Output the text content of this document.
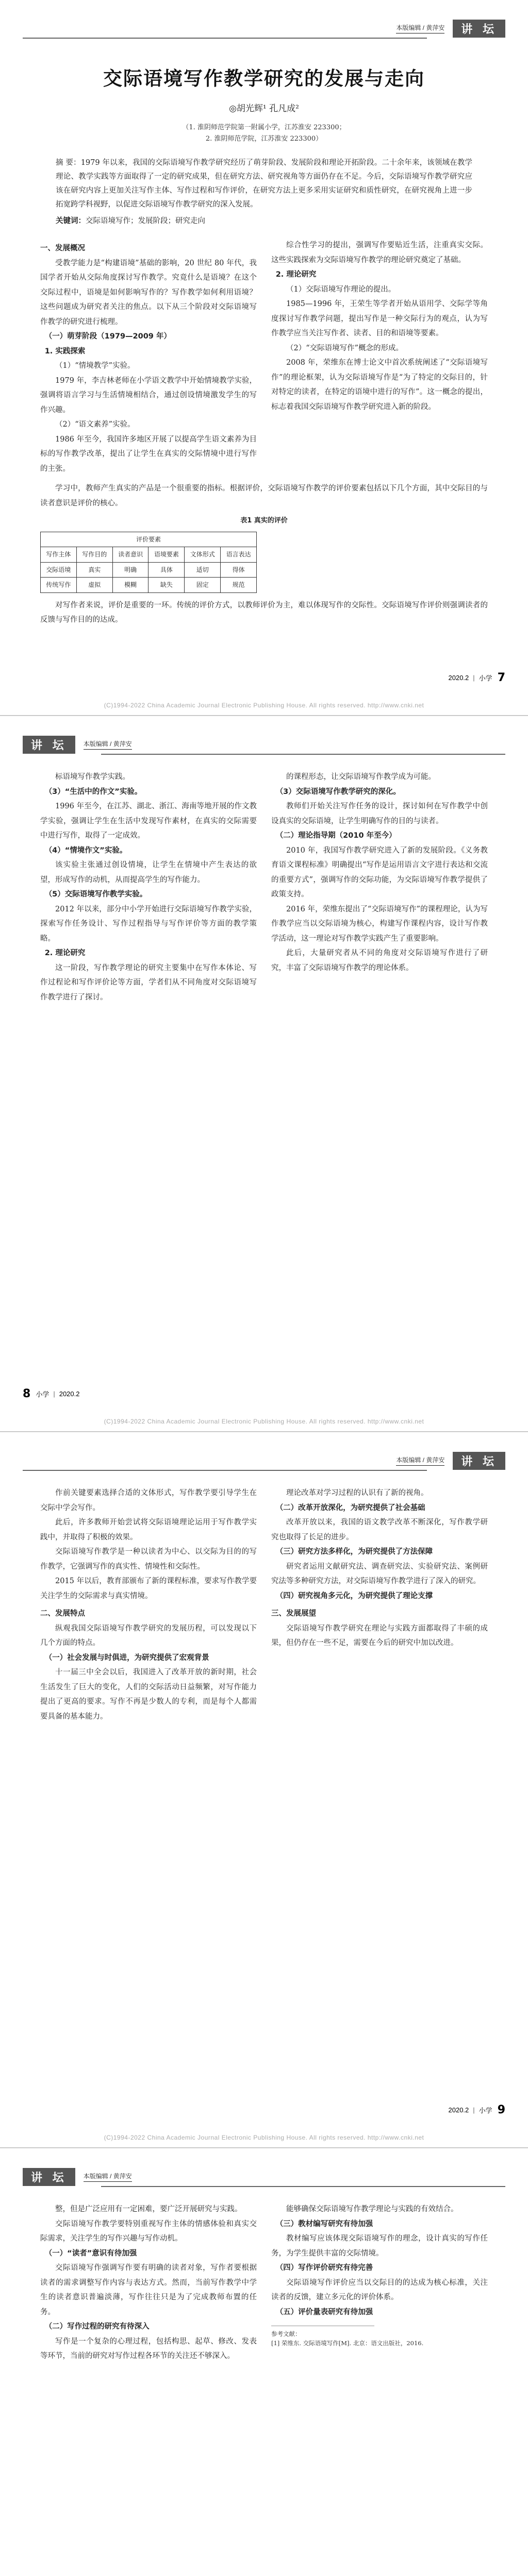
本版编辑 / 黄萍安	讲 坛
交际语境写作教学研究的发展与走向
◎胡光辉¹ 孔凡成²
（1. 淮阴师范学院第一附属小学，江苏淮安 223300；
2. 淮阴师范学院，江苏淮安 223300）
摘 要：1979 年以来，我国的交际语境写作教学研究经历了萌芽阶段、发展阶段和理论开拓阶段。二十余年来，该领域在教学理论、教学实践等方面取得了一定的研究成果，但在研究方法、研究视角等方面仍存在不足。今后，交际语境写作教学研究应该在研究内容上更加关注写作主体、写作过程和写作评价，在研究方法上更多采用实证研究和质性研究，在研究视角上进一步拓宽跨学科视野，以促进交际语境写作教学研究的深入发展。
关键词：交际语境写作；发展阶段；研究走向

一、发展概况

受教学能力是“构建语境”基础的影响，20 世纪 80 年代，我国学者开始从交际角度探讨写作教学。究竟什么是语境？在这个交际过程中，语境是如何影响写作的？写作教学如何利用语境？这些问题成为研究者关注的焦点。以下从三个阶段对交际语境写作教学的研究进行梳理。

（一）萌芽阶段（1979—2009 年）

1. 实践探索

（1）“情境教学”实验。

1979 年，李吉林老师在小学语文教学中开始情境教学实验，强调将语言学习与生活情境相结合，通过创设情境激发学生的写作兴趣。

（2）“语文素养”实验。

1986 年至今，我国许多地区开展了以提高学生语文素养为目标的写作教学改革，提出了让学生在真实的交际情境中进行写作的主张。

综合性学习的提出，强调写作要贴近生活，注重真实交际。这些实践探索为交际语境写作教学的理论研究奠定了基础。

2. 理论研究

（1）交际语境写作理论的提出。

1985—1996 年，王荣生等学者开始从语用学、交际学等角度探讨写作教学问题，提出写作是一种交际行为的观点，认为写作教学应当关注写作者、读者、目的和语境等要素。

（2）“交际语境写作”概念的形成。

2008 年，荣维东在博士论文中首次系统阐述了“交际语境写作”的理论框架，认为交际语境写作是“为了特定的交际目的，针对特定的读者，在特定的语境中进行的写作”。这一概念的提出，标志着我国交际语境写作教学研究进入新的阶段。

学习中，教师产生真实的产品是一个很重要的指标。根据评价，交际语境写作教学的评价要素包括以下几个方面，其中交际目的与读者意识是评价的核心。

表1 真实的评价
评价要素					
写作主体	写作目的	读者意识	语境要素	文体形式	语言表达
交际语境	真实	明确	具体	适切	得体
传统写作	虚拟	模糊	缺失	固定	规范

对写作者来说，评价是重要的一环。传统的评价方式，以教师评价为主，难以体现写作的交际性。交际语境写作评价则强调读者的反馈与写作目的的达成。

2020.2 | 小学 7
(C)1994-2022 China Academic Journal Electronic Publishing House. All rights reserved. http://www.cnki.net
讲 坛	本版编辑 / 黄萍安

标语境写作教学实践。

（3）“生活中的作文”实验。

1996 年至今，在江苏、湖北、浙江、海南等地开展的作文教学实验，强调让学生在生活中发现写作素材，在真实的交际需要中进行写作，取得了一定成效。

（4）“情境作文”实验。

该实验主张通过创设情境，让学生在情境中产生表达的欲望，形成写作的动机，从而提高学生的写作能力。

（5）交际语境写作教学实验。

2012 年以来，部分中小学开始进行交际语境写作教学实验，探索写作任务设计、写作过程指导与写作评价等方面的教学策略。

2. 理论研究

这一阶段，写作教学理论的研究主要集中在写作本体论、写作过程论和写作评价论等方面，学者们从不同角度对交际语境写作教学进行了探讨。

的课程形态，让交际语境写作教学成为可能。

（3）交际语境写作教学研究的深化。

教师们开始关注写作任务的设计，探讨如何在写作教学中创设真实的交际语境，让学生明确写作的目的与读者。

（二）理论指导期（2010 年至今）

2010 年，我国写作教学研究进入了新的发展阶段。《义务教育语文课程标准》明确提出“写作是运用语言文字进行表达和交流的重要方式”，强调写作的交际功能，为交际语境写作教学提供了政策支持。

2016 年，荣维东提出了“交际语境写作”的课程理论，认为写作教学应当以交际语境为核心，构建写作课程内容，设计写作教学活动，这一理论对写作教学实践产生了重要影响。

此后，大量研究者从不同的角度对交际语境写作进行了研究，丰富了交际语境写作教学的理论体系。

8 小学 | 2020.2
(C)1994-2022 China Academic Journal Electronic Publishing House. All rights reserved. http://www.cnki.net
本版编辑 / 黄萍安	讲 坛

作前关键要素选择合适的文体形式，写作教学要引导学生在交际中学会写作。

此后，许多教师开始尝试将交际语境理论运用于写作教学实践中，并取得了积极的效果。

交际语境写作教学是一种以读者为中心、以交际为目的的写作教学，它强调写作的真实性、情境性和交际性。

2015 年以后，教育部颁布了新的课程标准，要求写作教学要关注学生的交际需求与真实情境。

二、发展特点

纵观我国交际语境写作教学研究的发展历程，可以发现以下几个方面的特点。

（一）社会发展与时俱进，为研究提供了宏观背景

十一届三中全会以后，我国进入了改革开放的新时期，社会生活发生了巨大的变化，人们的交际活动日益频繁，对写作能力提出了更高的要求。写作不再是少数人的专利，而是每个人都需要具备的基本能力。

理论改革对学习过程的认识有了新的视角。

（二）改革开放深化，为研究提供了社会基础

改革开放以来，我国的语文教学改革不断深化，写作教学研究也取得了长足的进步。

（三）研究方法多样化，为研究提供了方法保障

研究者运用文献研究法、调查研究法、实验研究法、案例研究法等多种研究方法，对交际语境写作教学进行了深入的研究。

（四）研究视角多元化，为研究提供了理论支撑

三、发展展望

交际语境写作教学研究在理论与实践方面都取得了丰硕的成果，但仍存在一些不足，需要在今后的研究中加以改进。

2020.2 | 小学 9
(C)1994-2022 China Academic Journal Electronic Publishing House. All rights reserved. http://www.cnki.net
讲 坛	本版编辑 / 黄萍安

整，但是广泛应用有一定困难，要广泛开展研究与实践。

交际语境写作教学要特别重视写作主体的情感体验和真实交际需求，关注学生的写作兴趣与写作动机。

（一）“读者”意识有待加强

交际语境写作强调写作要有明确的读者对象，写作者要根据读者的需求调整写作内容与表达方式。然而，当前写作教学中学生的读者意识普遍淡薄，写作往往只是为了完成教师布置的任务。

（二）写作过程的研究有待深入

写作是一个复杂的心理过程，包括构思、起草、修改、发表等环节，当前的研究对写作过程各环节的关注还不够深入。

能够确保交际语境写作教学理论与实践的有效结合。

（三）教材编写研究有待加强

教材编写应该体现交际语境写作的理念，设计真实的写作任务，为学生提供丰富的交际情境。

（四）写作评价研究有待完善

交际语境写作评价应当以交际目的的达成为核心标准，关注读者的反馈，建立多元化的评价体系。

（五）评价量表研究有待加强

参考文献：
[1] 荣维东. 交际语境写作[M]. 北京：语文出版社，2016.
